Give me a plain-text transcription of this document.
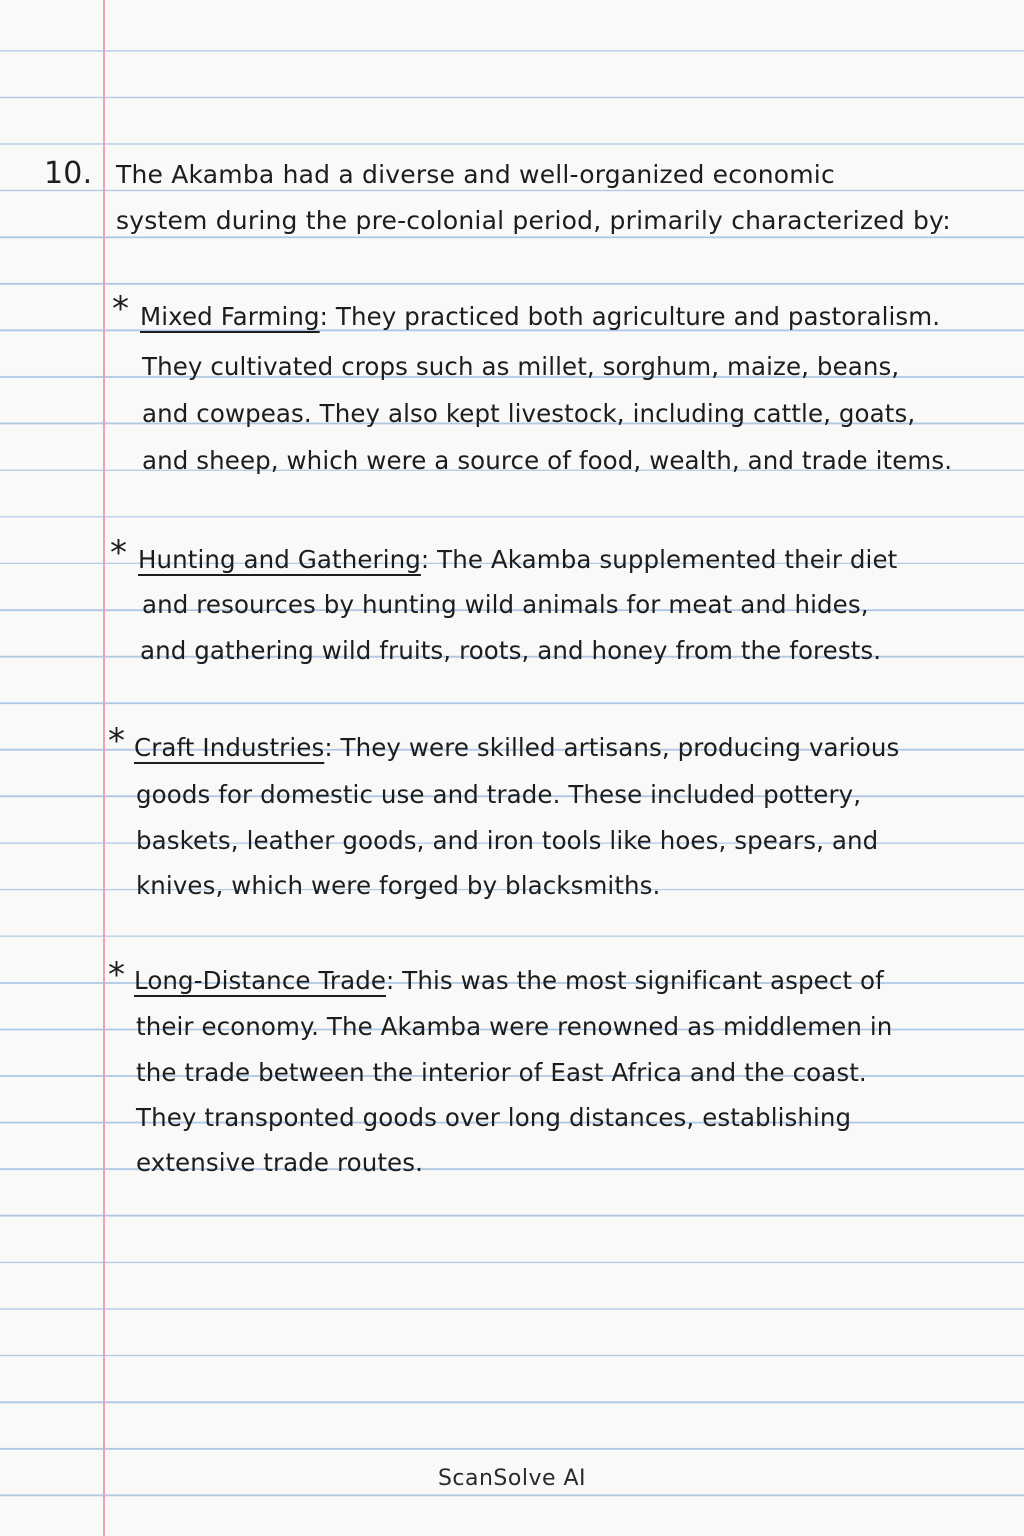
10. The Akamba had a diverse and well-organized economic
system during the pre-colonial period, primarily characterized by:
* Mixed Farming: They practiced both agriculture and pastoralism.
They cultivated crops such as millet, sorghum, maize, beans,
and cowpeas. They also kept livestock, including cattle, goats,
and sheep, which were a source of food, wealth, and trade items.
* Hunting and Gathering: The Akamba supplemented their diet
and resources by hunting wild animals for meat and hides,
and gathering wild fruits, roots, and honey from the forests.
* Craft Industries: They were skilled artisans, producing various
goods for domestic use and trade. These included pottery,
baskets, leather goods, and iron tools like hoes, spears, and
knives, which were forged by blacksmiths.
* Long-Distance Trade: This was the most significant aspect of
their economy. The Akamba were renowned as middlemen in
the trade between the interior of East Africa and the coast.
They transponted goods over long distances, establishing
extensive trade routes.
ScanSolve AI
